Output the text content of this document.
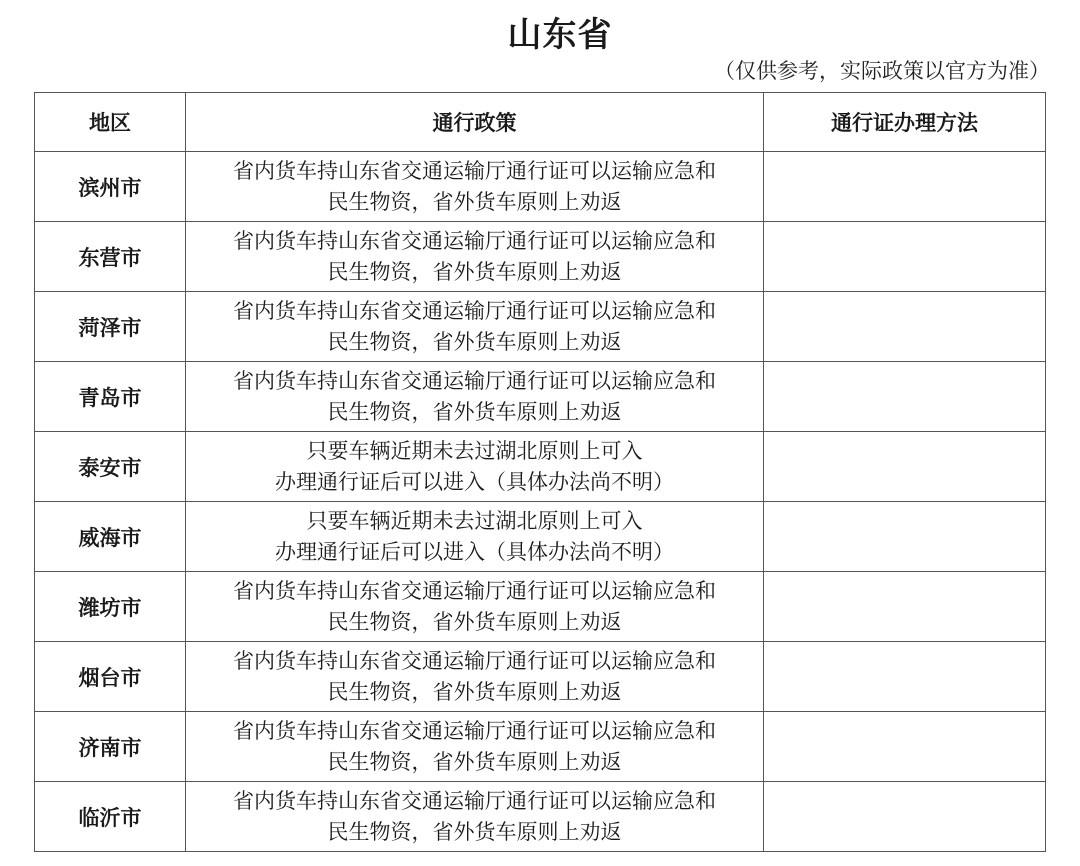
山东省
（仅供参考，实际政策以官方为准）
地区	通行政策	通行证办理方法
滨州市	省内货车持山东省交通运输厅通行证可以运输应急和
民生物资，省外货车原则上劝返	

东营市	省内货车持山东省交通运输厅通行证可以运输应急和
民生物资，省外货车原则上劝返	

菏泽市	省内货车持山东省交通运输厅通行证可以运输应急和
民生物资，省外货车原则上劝返	

青岛市	省内货车持山东省交通运输厅通行证可以运输应急和
民生物资，省外货车原则上劝返	

泰安市	只要车辆近期未去过湖北原则上可入
办理通行证后可以进入（具体办法尚不明）	

威海市	只要车辆近期未去过湖北原则上可入
办理通行证后可以进入（具体办法尚不明）	

潍坊市	省内货车持山东省交通运输厅通行证可以运输应急和
民生物资，省外货车原则上劝返	

烟台市	省内货车持山东省交通运输厅通行证可以运输应急和
民生物资，省外货车原则上劝返	

济南市	省内货车持山东省交通运输厅通行证可以运输应急和
民生物资，省外货车原则上劝返	

临沂市	省内货车持山东省交通运输厅通行证可以运输应急和
民生物资，省外货车原则上劝返	
